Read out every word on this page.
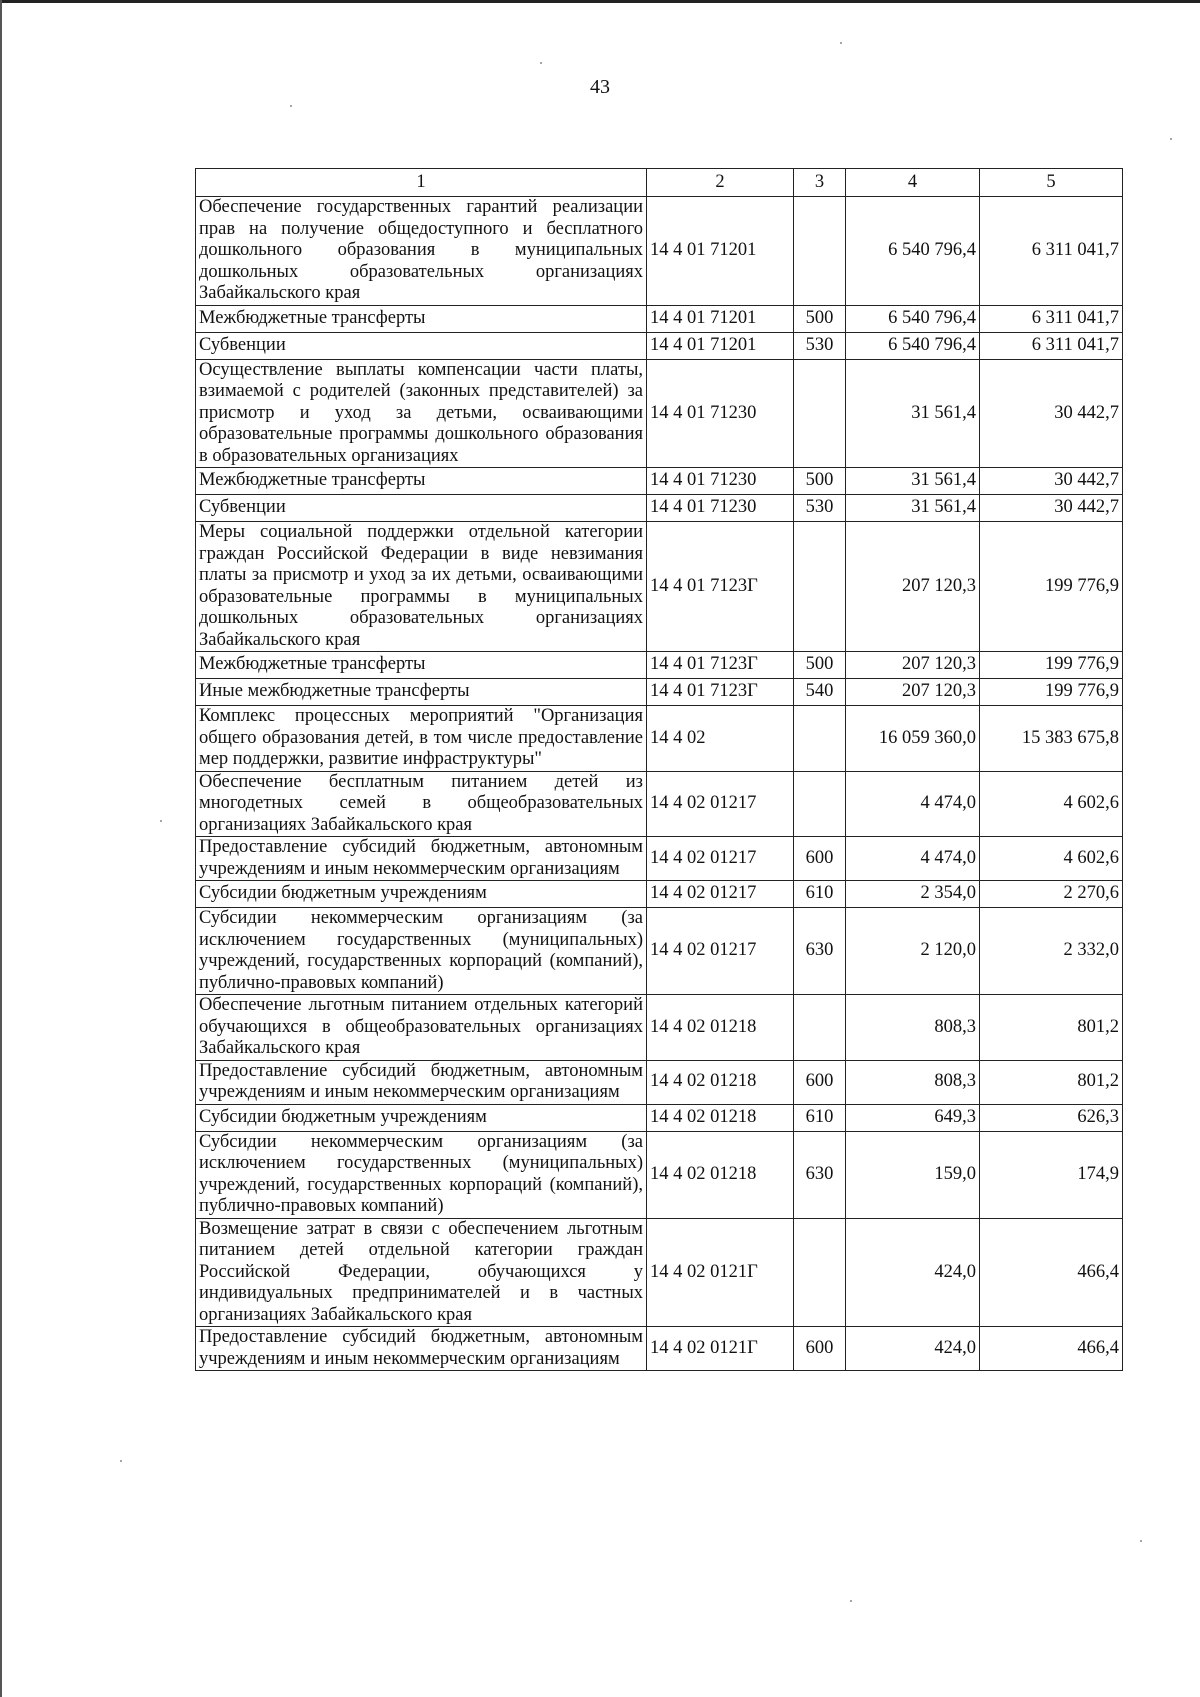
43
1	2	3	4	5
Обеспечение государственных гарантий реализации прав на получение общедоступного и бесплатного дошкольного образования в муниципальных дошкольных образовательных организациях Забайкальского края	14 4 01 71201		6 540 796,4	6 311 041,7
Межбюджетные трансферты	14 4 01 71201	500	6 540 796,4	6 311 041,7
Субвенции	14 4 01 71201	530	6 540 796,4	6 311 041,7
Осуществление выплаты компенсации части платы, взимаемой с родителей (законных представителей) за присмотр и уход за детьми, осваивающими образовательные программы дошкольного образования в образовательных организациях	14 4 01 71230		31 561,4	30 442,7
Межбюджетные трансферты	14 4 01 71230	500	31 561,4	30 442,7
Субвенции	14 4 01 71230	530	31 561,4	30 442,7
Меры социальной поддержки отдельной категории граждан Российской Федерации в виде невзимания платы за присмотр и уход за их детьми, осваивающими образовательные программы в муниципальных дошкольных образовательных организациях Забайкальского края	14 4 01 7123Г		207 120,3	199 776,9
Межбюджетные трансферты	14 4 01 7123Г	500	207 120,3	199 776,9
Иные межбюджетные трансферты	14 4 01 7123Г	540	207 120,3	199 776,9
Комплекс процессных мероприятий "Организация общего образования детей, в том числе предоставление мер поддержки, развитие инфраструктуры"	14 4 02		16 059 360,0	15 383 675,8
Обеспечение бесплатным питанием детей из многодетных семей в общеобразовательных организациях Забайкальского края	14 4 02 01217		4 474,0	4 602,6
Предоставление субсидий бюджетным, автономным учреждениям и иным некоммерческим организациям	14 4 02 01217	600	4 474,0	4 602,6
Субсидии бюджетным учреждениям	14 4 02 01217	610	2 354,0	2 270,6
Субсидии некоммерческим организациям (за исключением государственных (муниципальных) учреждений, государственных корпораций (компаний), публично-правовых компаний)	14 4 02 01217	630	2 120,0	2 332,0
Обеспечение льготным питанием отдельных категорий обучающихся в общеобразовательных организациях Забайкальского края	14 4 02 01218		808,3	801,2
Предоставление субсидий бюджетным, автономным учреждениям и иным некоммерческим организациям	14 4 02 01218	600	808,3	801,2
Субсидии бюджетным учреждениям	14 4 02 01218	610	649,3	626,3
Субсидии некоммерческим организациям (за исключением государственных (муниципальных) учреждений, государственных корпораций (компаний), публично-правовых компаний)	14 4 02 01218	630	159,0	174,9
Возмещение затрат в связи с обеспечением льготным питанием детей отдельной категории граждан Российской Федерации, обучающихся у индивидуальных предпринимателей и в частных организациях Забайкальского края	14 4 02 0121Г		424,0	466,4
Предоставление субсидий бюджетным, автономным учреждениям и иным некоммерческим организациям	14 4 02 0121Г	600	424,0	466,4
